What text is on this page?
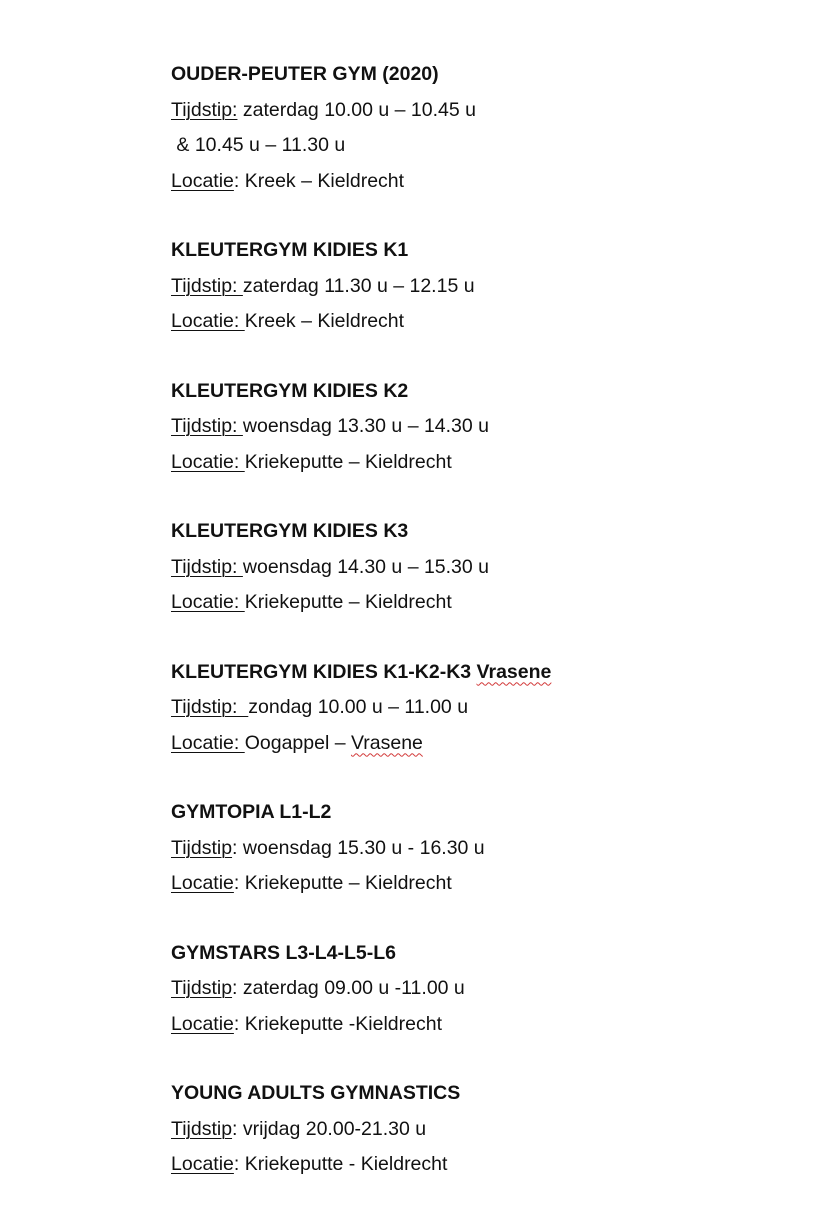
OUDER-PEUTER GYM (2020)
Tijdstip: zaterdag 10.00 u – 10.45 u
& 10.45 u – 11.30 u
Locatie: Kreek – Kieldrecht
KLEUTERGYM KIDIES K1
Tijdstip: zaterdag 11.30 u – 12.15 u
Locatie: Kreek – Kieldrecht
KLEUTERGYM KIDIES K2
Tijdstip: woensdag 13.30 u – 14.30 u
Locatie: Kriekeputte – Kieldrecht
KLEUTERGYM KIDIES K3
Tijdstip: woensdag 14.30 u – 15.30 u
Locatie: Kriekeputte – Kieldrecht
KLEUTERGYM KIDIES K1-K2-K3 Vrasene
Tijdstip:  zondag 10.00 u – 11.00 u
Locatie: Oogappel – Vrasene
GYMTOPIA L1-L2
Tijdstip: woensdag 15.30 u - 16.30 u
Locatie: Kriekeputte – Kieldrecht
GYMSTARS L3-L4-L5-L6
Tijdstip: zaterdag 09.00 u -11.00 u
Locatie: Kriekeputte -Kieldrecht
YOUNG ADULTS GYMNASTICS
Tijdstip: vrijdag 20.00-21.30 u
Locatie: Kriekeputte - Kieldrecht
